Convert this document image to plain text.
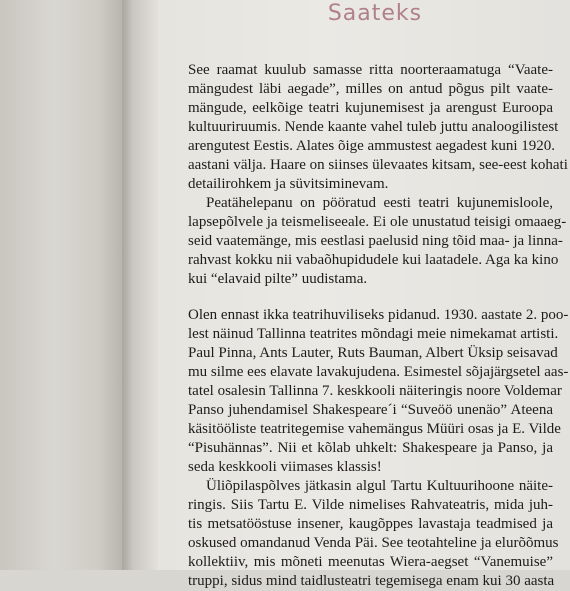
Saateks
See raamat kuulub samasse ritta noorteraamatuga “Vaate-
mängudest läbi aegade”, milles on antud põgus pilt vaate-
mängude, eelkõige teatri kujunemisest ja arengust Euroopa
kultuuriruumis. Nende kaante vahel tuleb juttu analoogilistest
arengutest Eestis. Alates õige ammustest aegadest kuni 1920.
aastani välja. Haare on siinses ülevaates kitsam, see-eest kohati
detailirohkem ja süvitsiminevam.
Peatähelepanu on pööratud eesti teatri kujunemisloole,
lapsepõlvele ja teismeliseeale. Ei ole unustatud teisigi omaaeg-
seid vaatemänge, mis eestlasi paelusid ning tõid maa- ja linna-
rahvast kokku nii vabaõhupidudele kui laatadele. Aga ka kino
kui “elavaid pilte” uudistama.
Olen ennast ikka teatrihuviliseks pidanud. 1930. aastate 2. poo-
lest näinud Tallinna teatrites mõndagi meie nimekamat artisti.
Paul Pinna, Ants Lauter, Ruts Bauman, Albert Üksip seisavad
mu silme ees elavate lavakujudena. Esimestel sõjajärgsetel aas-
tatel osalesin Tallinna 7. keskkooli näiteringis noore Voldemar
Panso juhendamisel Shakespeare´i “Suveöö unenäo” Ateena
käsitööliste teatritegemise vahemängus Müüri osas ja E. Vilde
“Pisuhännas”. Nii et kõlab uhkelt: Shakespeare ja Panso, ja
seda keskkooli viimases klassis!
Üliõpilaspõlves jätkasin algul Tartu Kultuurihoone näite-
ringis. Siis Tartu E. Vilde nimelises Rahvateatris, mida juh-
tis metsatööstuse insener, kaugõppes lavastaja teadmised ja
oskused omandanud Venda Päi. See teotahteline ja elurõõmus
kollektiiv, mis mõneti meenutas Wiera-aegset “Vanemuise”
truppi, sidus mind taidlusteatri tegemisega enam kui 30 aasta
